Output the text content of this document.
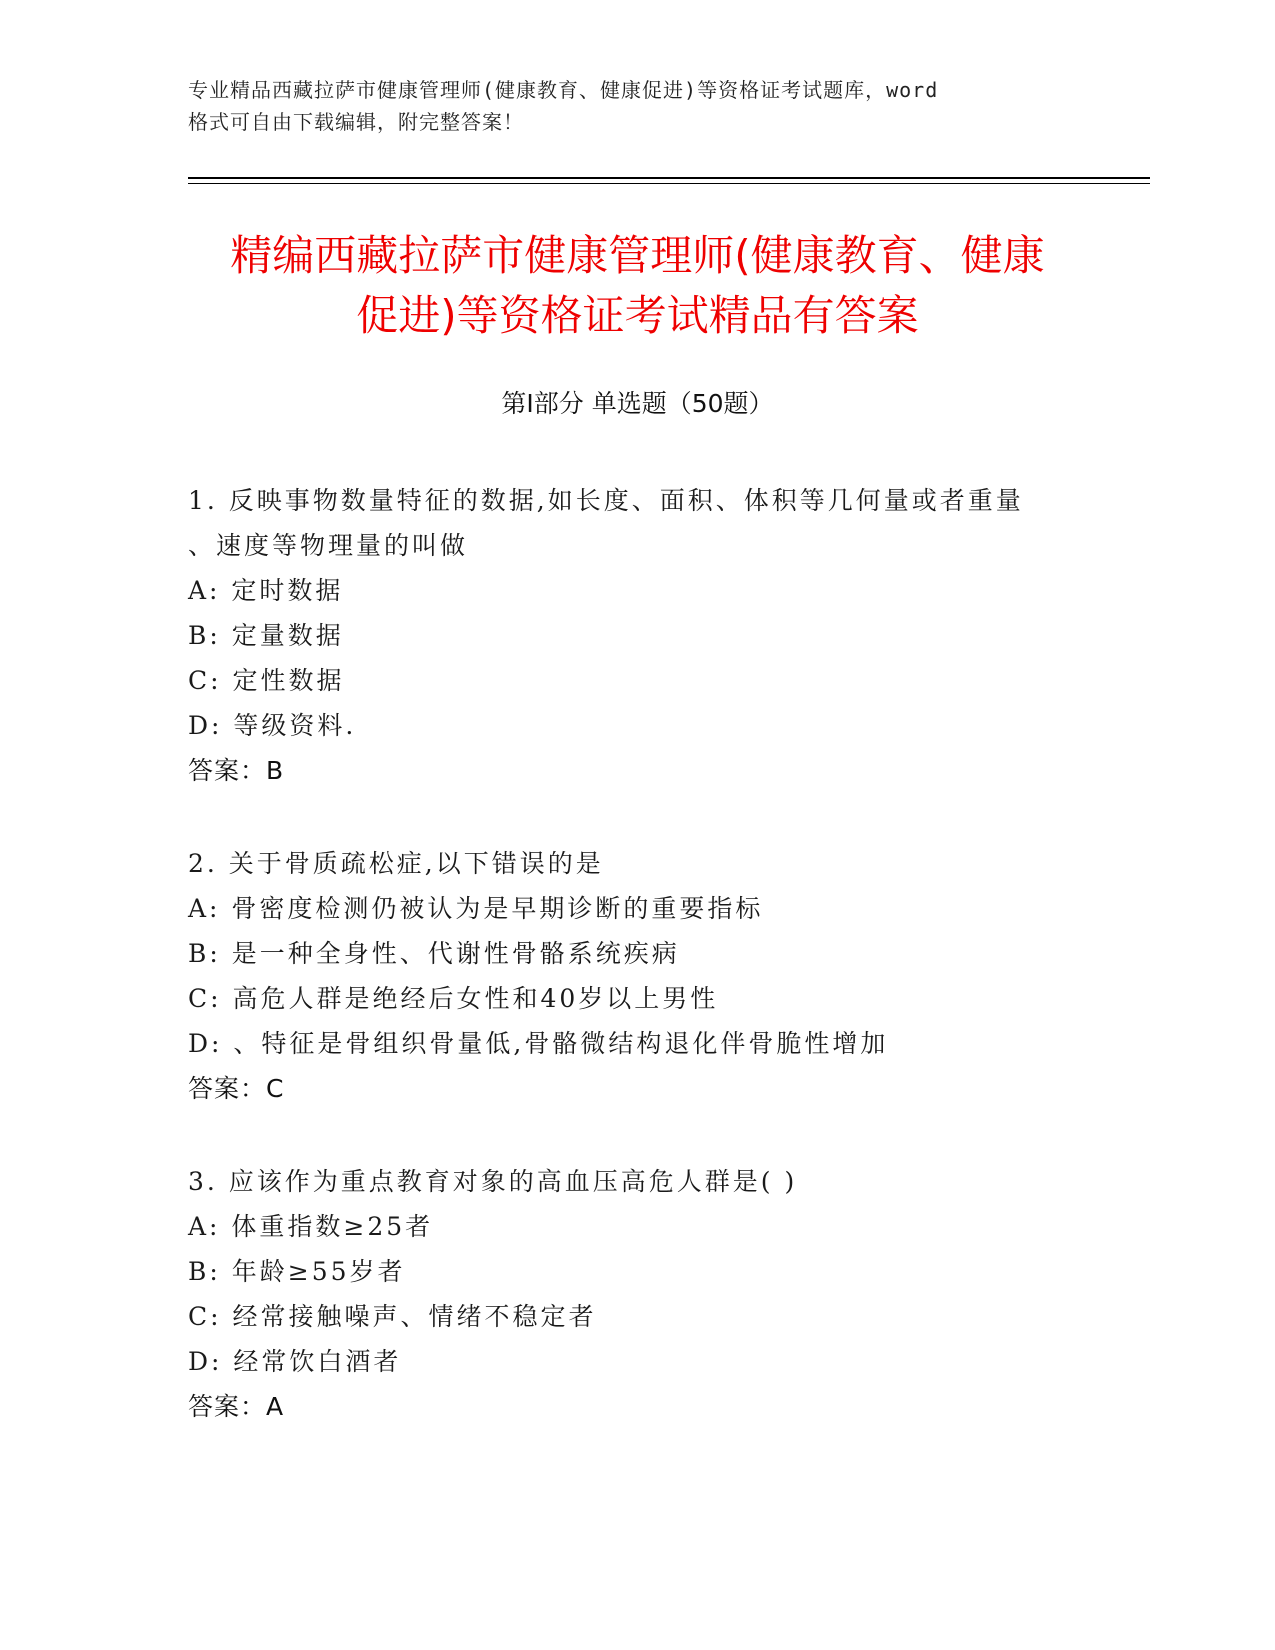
专业精品西藏拉萨市健康管理师(健康教育、健康促进)等资格证考试题库，word
格式可自由下载编辑，附完整答案！
精编西藏拉萨市健康管理师(健康教育、健康
促进)等资格证考试精品有答案
第Ⅰ部分 单选题（50题）
1. 反映事物数量特征的数据,如长度、面积、体积等几何量或者重量
、速度等物理量的叫做
A: 定时数据
B: 定量数据
C: 定性数据
D: 等级资料.
答案：B
2. 关于骨质疏松症,以下错误的是
A: 骨密度检测仍被认为是早期诊断的重要指标
B: 是一种全身性、代谢性骨骼系统疾病
C: 高危人群是绝经后女性和40岁以上男性
D: 、特征是骨组织骨量低,骨骼微结构退化伴骨脆性增加
答案：C
3. 应该作为重点教育对象的高血压高危人群是( )
A: 体重指数≥25者
B: 年龄≥55岁者
C: 经常接触噪声、情绪不稳定者
D: 经常饮白酒者
答案：A
